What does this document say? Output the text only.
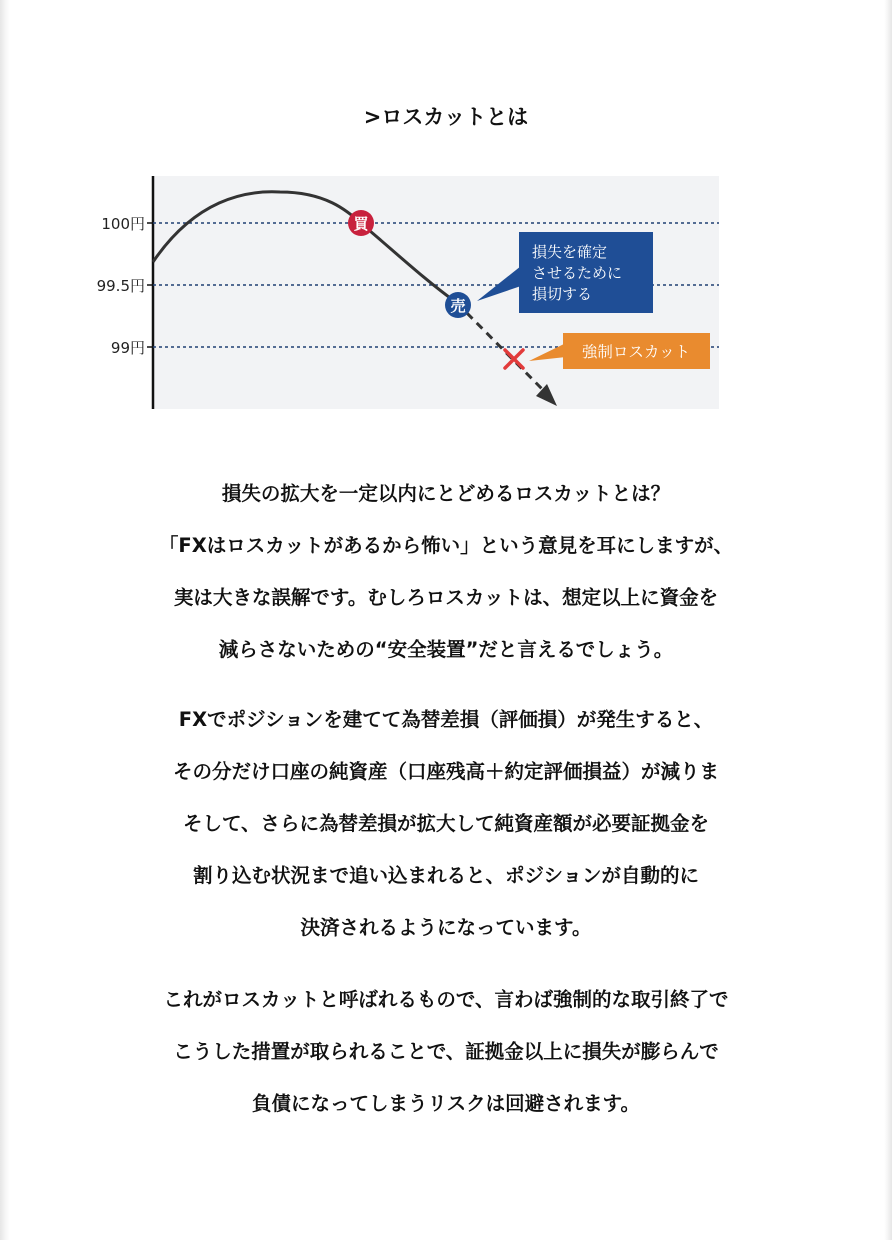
>ロスカットとは
100円
99.5円
99円
買
売
損失を確定
させるために
損切する
強制ロスカット
損失の拡大を一定以内にとどめるロスカットとは？
「FXはロスカットがあるから怖い」という意見を耳にしますが、
実は大きな誤解です。むしろロスカットは、想定以上に資金を
減らさないための“安全装置”だと言えるでしょう。
FXでポジションを建てて為替差損（評価損）が発生すると、
その分だけ口座の純資産（口座残高＋約定評価損益）が減りま
そして、さらに為替差損が拡大して純資産額が必要証拠金を
割り込む状況まで追い込まれると、ポジションが自動的に
決済されるようになっています。
これがロスカットと呼ばれるもので、言わば強制的な取引終了で
こうした措置が取られることで、証拠金以上に損失が膨らんで
負債になってしまうリスクは回避されます。
